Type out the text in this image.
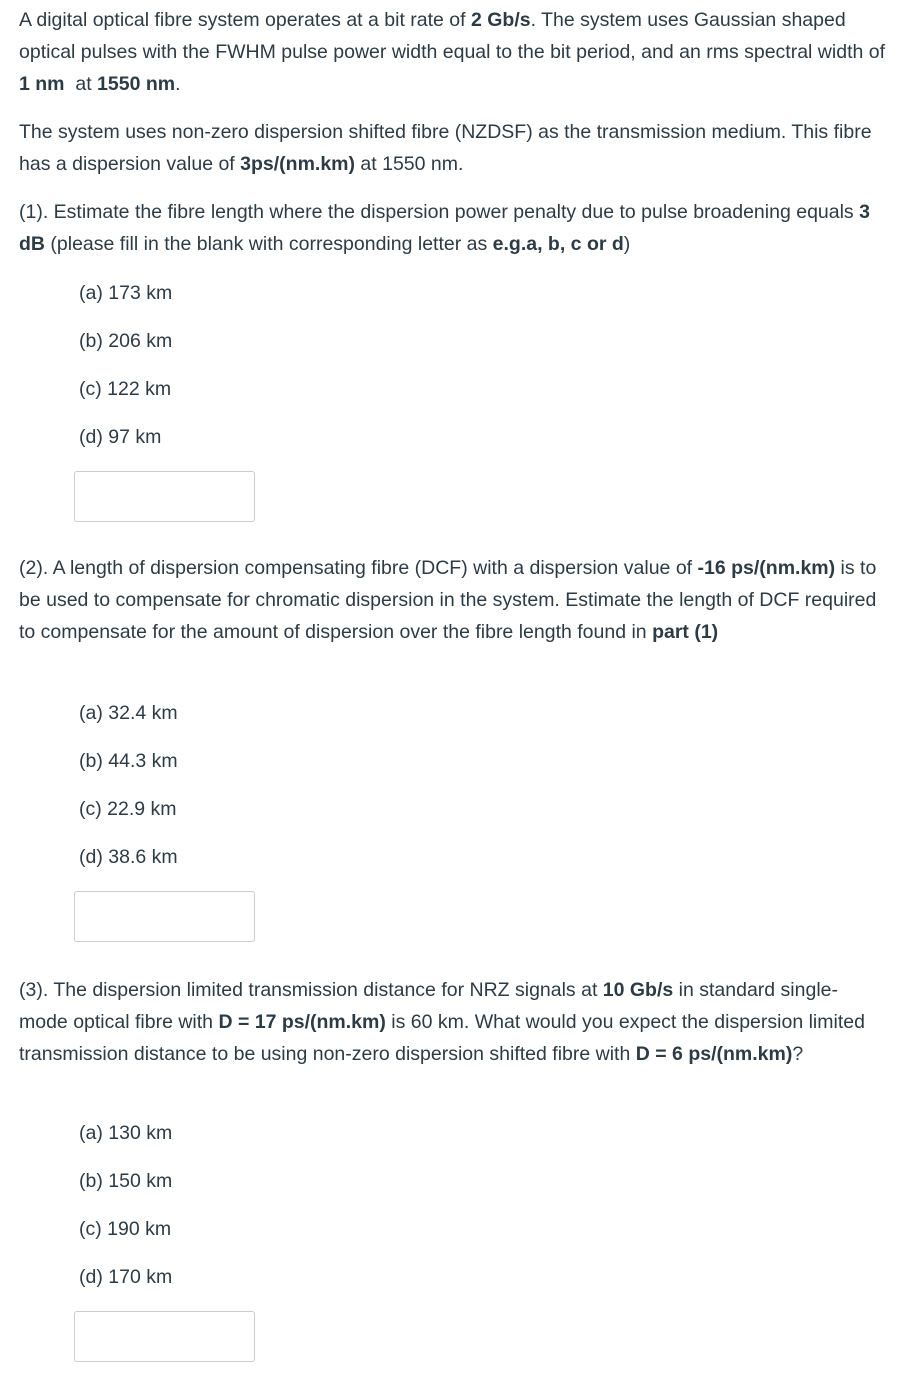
A digital optical fibre system operates at a bit rate of 2 Gb/s. The system uses Gaussian shaped optical pulses with the FWHM pulse power width equal to the bit period, and an rms spectral width of 1 nm  at 1550 nm.

The system uses non-zero dispersion shifted fibre (NZDSF) as the transmission medium. This fibre has a dispersion value of 3ps/(nm.km) at 1550 nm.

(1). Estimate the fibre length where the dispersion power penalty due to pulse broadening equals 3 dB (please fill in the blank with corresponding letter as e.g.a, b, c or d)

(a) 173 km
(b) 206 km
(c) 122 km
(d) 97 km

(2). A length of dispersion compensating fibre (DCF) with a dispersion value of -16 ps/(nm.km) is to be used to compensate for chromatic dispersion in the system. Estimate the length of DCF required to compensate for the amount of dispersion over the fibre length found in part (1)

(a) 32.4 km
(b) 44.3 km
(c) 22.9 km
(d) 38.6 km

(3). The dispersion limited transmission distance for NRZ signals at 10 Gb/s in standard single-mode optical fibre with D = 17 ps/(nm.km) is 60 km. What would you expect the dispersion limited transmission distance to be using non-zero dispersion shifted fibre with D = 6 ps/(nm.km)?

(a) 130 km
(b) 150 km
(c) 190 km
(d) 170 km
